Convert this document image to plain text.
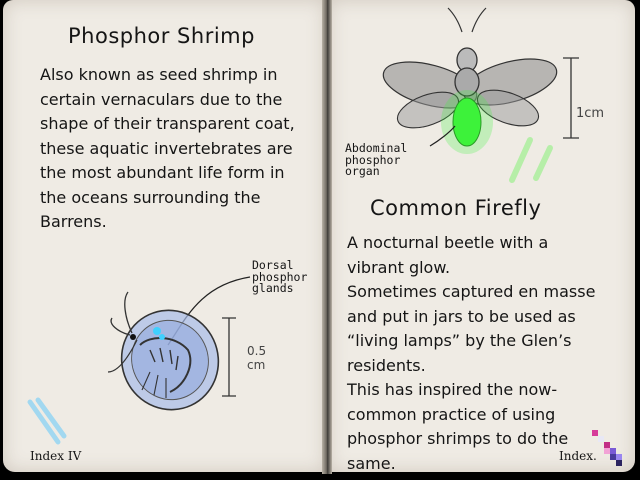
Phosphor Shrimp
Also known as seed shrimp in
certain vernaculars due to the
shape of their transparent coat,
these aquatic invertebrates are
the most abundant life form in
the oceans surrounding the
Barrens.
0.5
cm
Dorsal
phosphor
glands
Index IV
1cm
Abdominal
phosphor
organ
Common Firefly
A nocturnal beetle with a
vibrant glow.
Sometimes captured en masse
and put in jars to be used as
“living lamps” by the Glen’s
residents.
This has inspired the now-
common practice of using
phosphor shrimps to do the
same.	Index.
